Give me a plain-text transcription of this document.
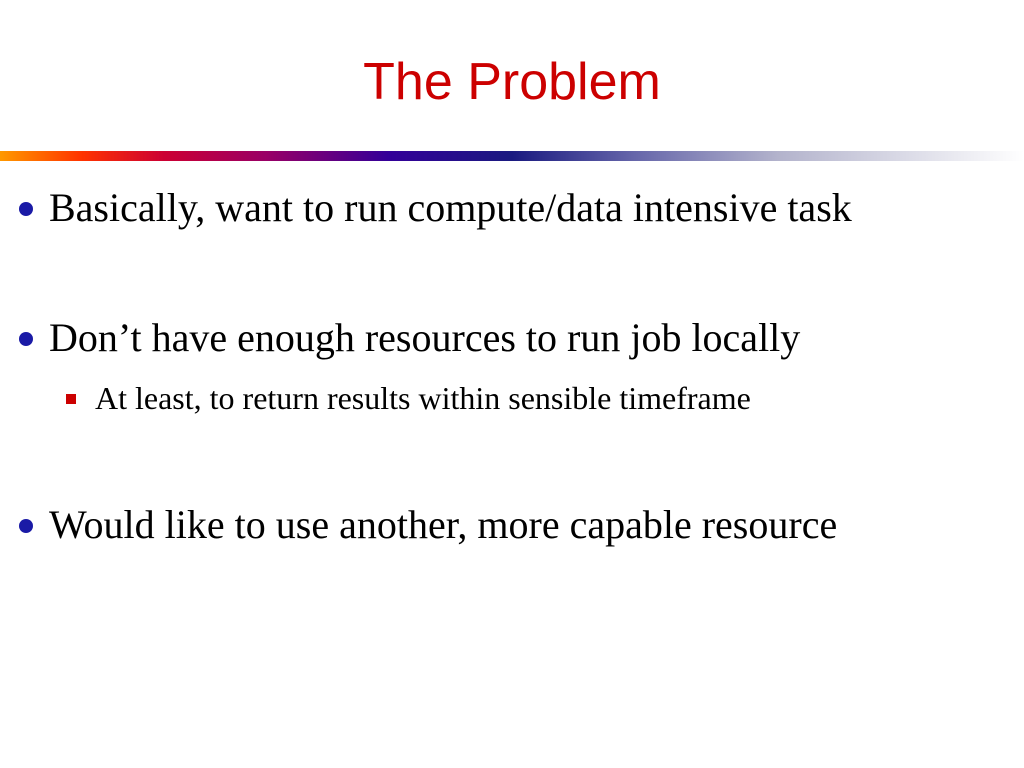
The Problem
Basically, want to run compute/data intensive task
Don’t have enough resources to run job locally
At least, to return results within sensible timeframe
Would like to use another, more capable resource
